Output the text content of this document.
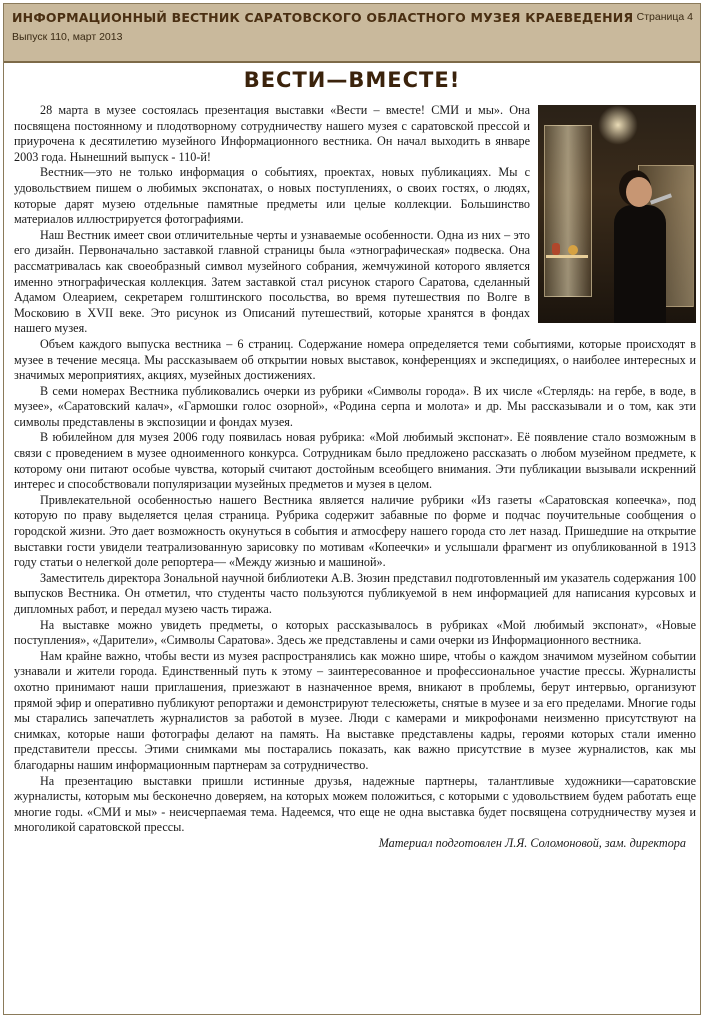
ИНФОРМАЦИОННЫЙ ВЕСТНИК САРАТОВСКОГО ОБЛАСТНОГО МУЗЕЯ КРАЕВЕДЕНИЯ
Выпуск 110, март 2013
Страница 4
ВЕСТИ—ВМЕСТЕ!

28 марта в музее состоялась презентация выставки «Вести – вместе! СМИ и мы». Она посвящена постоянному и плодотворному сотрудничеству нашего музея с саратовской прессой и приурочена к десятилетию музейного Информационного вестника. Он начал выходить в январе 2003 года. Нынешний выпуск - 110-й!

Вестник—это не только информация о событиях, проектах, новых публикациях. Мы с удовольствием пишем о любимых экспонатах, о новых поступлениях, о своих гостях, о людях, которые дарят музею отдельные памятные предметы или целые коллекции. Большинство материалов иллюстрируется фотографиями.

Наш Вестник имеет свои отличительные черты и узнаваемые особенности. Одна из них – это его дизайн. Первоначально заставкой главной страницы была «этнографическая» подвеска. Она рассматривалась как своеобразный символ музейного собрания, жемчужиной которого является именно этнографическая коллекция. Затем заставкой стал рисунок старого Саратова, сделанный Адамом Олеарием, секретарем голштинского посольства, во время путешествия по Волге в Московию в XVII веке. Это рисунок из Описаний путешествий, которые хранятся в фондах нашего музея.

Объем каждого выпуска вестника – 6 страниц. Содержание номера определяется теми событиями, которые происходят в музее в течение месяца. Мы рассказываем об открытии новых выставок, конференциях и экспедициях, о наиболее интересных и значимых мероприятиях, акциях, музейных достижениях.

В семи номерах Вестника публиковались очерки из рубрики «Символы города». В их числе «Стерлядь: на гербе, в воде, в музее», «Саратовский калач», «Гармошки голос озорной», «Родина серпа и молота» и др. Мы рассказывали и о том, как эти символы представлены в экспозиции и фондах музея.

В юбилейном для музея 2006 году появилась новая рубрика: «Мой любимый экспонат». Её появление стало возможным в связи с проведением в музее одноименного конкурса. Сотрудникам было предложено рассказать о любом музейном предмете, к которому они питают особые чувства, который считают достойным всеобщего внимания. Эти публикации вызывали искренний интерес и способствовали популяризации музейных предметов и музея в целом.

Привлекательной особенностью нашего Вестника является наличие рубрики «Из газеты «Саратовская копеечка», под которую по праву выделяется целая страница. Рубрика содержит забавные по форме и подчас поучительные сообщения о городской жизни. Это дает возможность окунуться в события и атмосферу нашего города сто лет назад. Пришедшие на открытие выставки гости увидели театрализованную зарисовку по мотивам «Копеечки» и услышали фрагмент из опубликованной в 1913 году статьи о нелегкой доле репортера— «Между жизнью и машиной».

Заместитель директора Зональной научной библиотеки А.В. Зюзин представил подготовленный им указатель содержания 100 выпусков Вестника. Он отметил, что студенты часто пользуются публикуемой в нем информацией для написания курсовых и дипломных работ, и передал музею часть тиража.

На выставке можно увидеть предметы, о которых рассказывалось в рубриках «Мой любимый экспонат», «Новые поступления», «Дарители», «Символы Саратова». Здесь же представлены и сами очерки из Информационного вестника.

Нам крайне важно, чтобы вести из музея распространялись как можно шире, чтобы о каждом значимом музейном событии узнавали и жители города. Единственный путь к этому – заинтересованное и профессиональное участие прессы. Журналисты охотно принимают наши приглашения, приезжают в назначенное время, вникают в проблемы, берут интервью, организуют прямой эфир и оперативно публикуют репортажи и демонстрируют телесюжеты, снятые в музее и за его пределами. Многие годы мы старались запечатлеть журналистов за работой в музее. Люди с камерами и микрофонами неизменно присутствуют на снимках, которые наши фотографы делают на память. На выставке представлены кадры, героями которых стали именно представители прессы. Этими снимками мы постарались показать, как важно присутствие в музее журналистов, как мы благодарны нашим информационным партнерам за сотрудничество.

На презентацию выставки пришли истинные друзья, надежные партнеры, талантливые художники—саратовские журналисты, которым мы бесконечно доверяем, на которых можем положиться, с которыми с удовольствием будем работать еще многие годы. «СМИ и мы» - неисчерпаемая тема. Надеемся, что еще не одна выставка будет посвящена сотрудничеству музея и многоликой саратовской прессы.

Материал подготовлен Л.Я. Соломоновой, зам. директора
